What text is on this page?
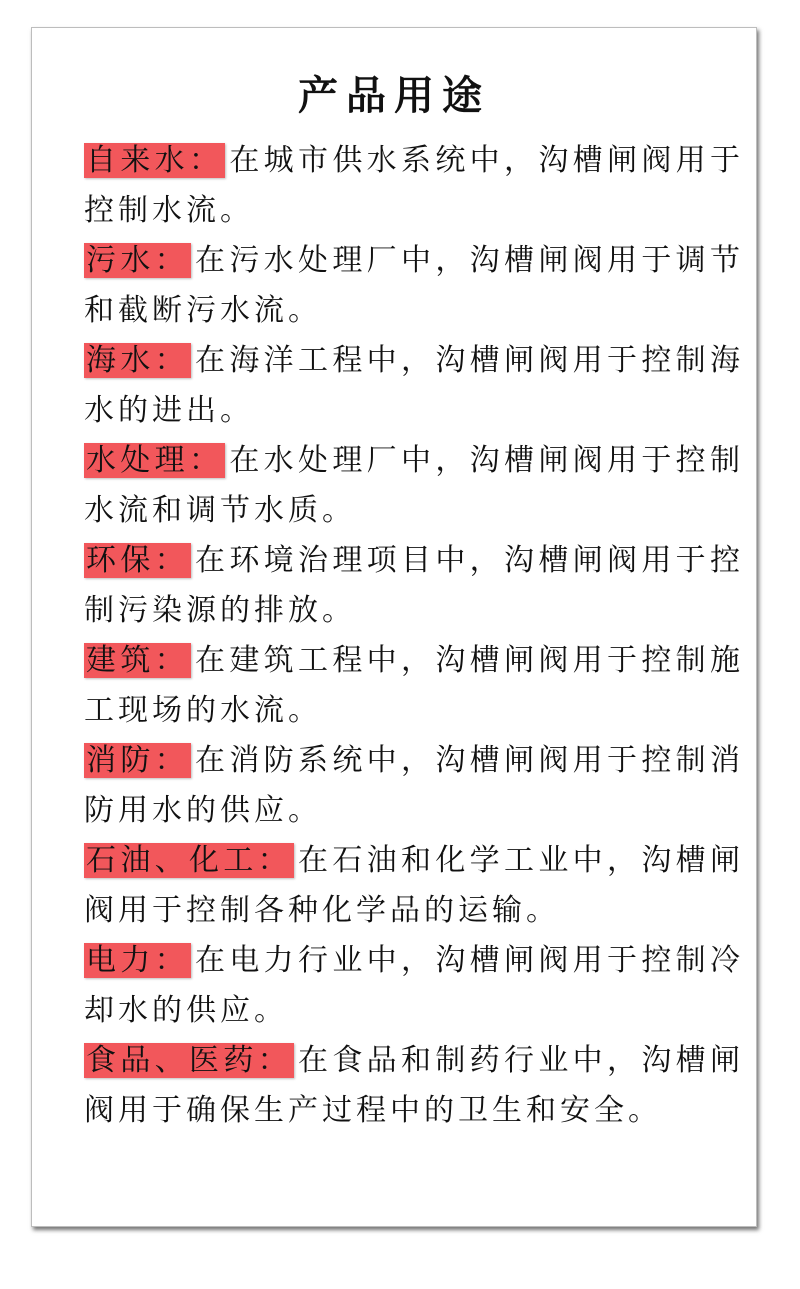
产品用途
自来水： 在城市供水系统中，沟槽闸阀用于控制水流。
污水： 在污水处理厂中，沟槽闸阀用于调节和截断污水流。
海水： 在海洋工程中，沟槽闸阀用于控制海水的进出。
水处理： 在水处理厂中，沟槽闸阀用于控制水流和调节水质。
环保： 在环境治理项目中，沟槽闸阀用于控制污染源的排放。
建筑： 在建筑工程中，沟槽闸阀用于控制施工现场的水流。
消防： 在消防系统中，沟槽闸阀用于控制消防用水的供应。
石油、化工： 在石油和化学工业中，沟槽闸阀用于控制各种化学品的运输。
电力： 在电力行业中，沟槽闸阀用于控制冷却水的供应。
食品、医药： 在食品和制药行业中，沟槽闸阀用于确保生产过程中的卫生和安全。
